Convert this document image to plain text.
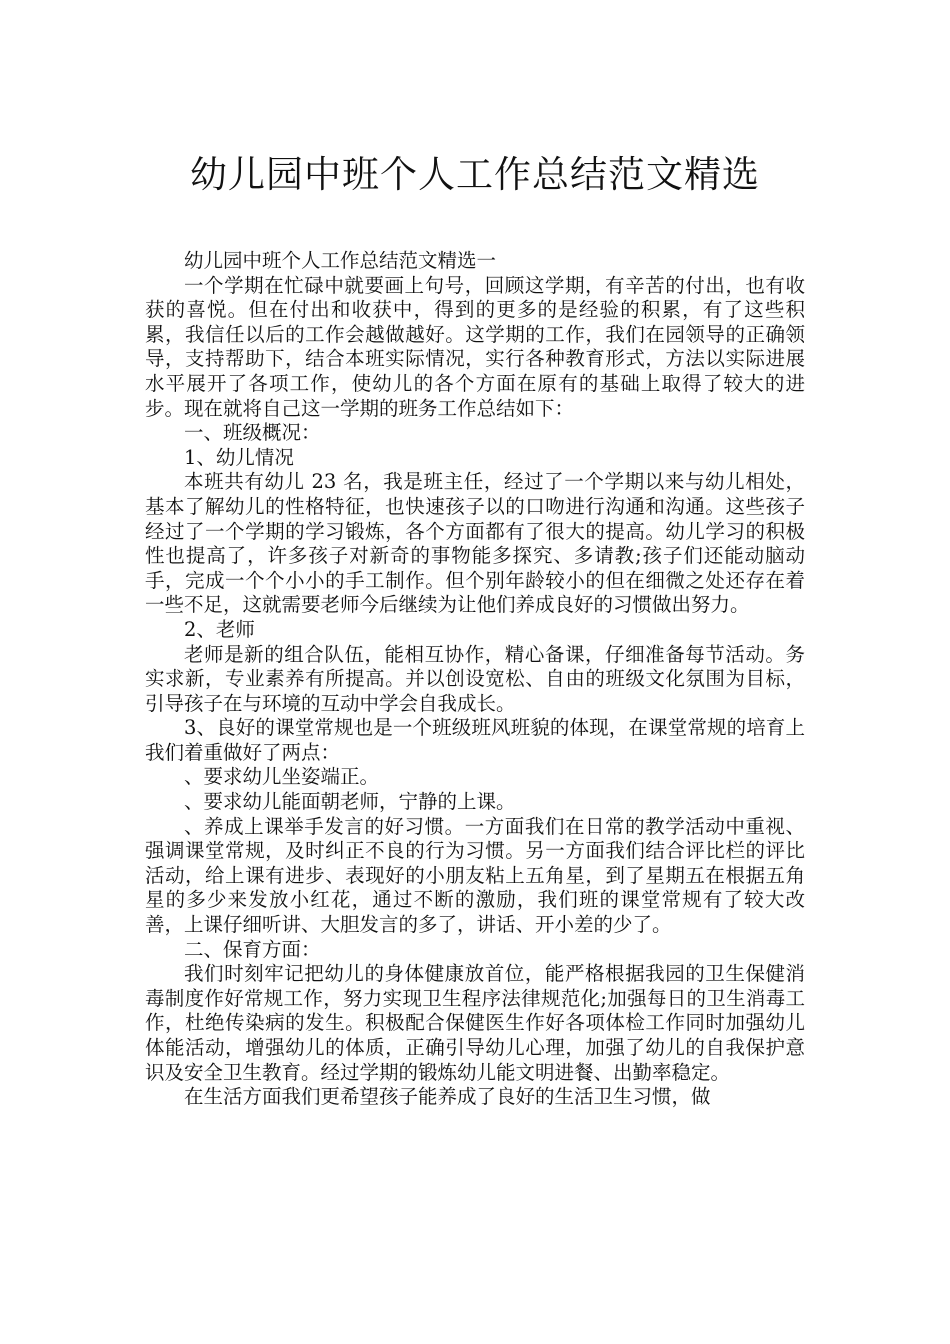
幼儿园中班个人工作总结范文精选

幼儿园中班个人工作总结范文精选一

一个学期在忙碌中就要画上句号，回顾这学期，有辛苦的付出，也有收获的喜悦。但在付出和收获中，得到的更多的是经验的积累，有了这些积累，我信任以后的工作会越做越好。这学期的工作，我们在园领导的正确领导，支持帮助下，结合本班实际情况，实行各种教育形式，方法以实际进展水平展开了各项工作，使幼儿的各个方面在原有的基础上取得了较大的进步。现在就将自己这一学期的班务工作总结如下：

一、班级概况：

1、幼儿情况

本班共有幼儿 23 名，我是班主任，经过了一个学期以来与幼儿相处，基本了解幼儿的性格特征，也快速孩子以的口吻进行沟通和沟通。这些孩子经过了一个学期的学习锻炼，各个方面都有了很大的提高。幼儿学习的积极性也提高了，许多孩子对新奇的事物能多探究、多请教;孩子们还能动脑动手，完成一个个小小的手工制作。但个别年龄较小的但在细微之处还存在着一些不足，这就需要老师今后继续为让他们养成良好的习惯做出努力。

2、老师

老师是新的组合队伍，能相互协作，精心备课，仔细准备每节活动。务实求新，专业素养有所提高。并以创设宽松、自由的班级文化氛围为目标，引导孩子在与环境的互动中学会自我成长。

3、良好的课堂常规也是一个班级班风班貌的体现，在课堂常规的培育上我们着重做好了两点：

、要求幼儿坐姿端正。

、要求幼儿能面朝老师，宁静的上课。

、养成上课举手发言的好习惯。一方面我们在日常的教学活动中重视、强调课堂常规，及时纠正不良的行为习惯。另一方面我们结合评比栏的评比活动，给上课有进步、表现好的小朋友粘上五角星，到了星期五在根据五角星的多少来发放小红花，通过不断的激励，我们班的课堂常规有了较大改善，上课仔细听讲、大胆发言的多了，讲话、开小差的少了。

二、保育方面：

我们时刻牢记把幼儿的身体健康放首位，能严格根据我园的卫生保健消毒制度作好常规工作，努力实现卫生程序法律规范化;加强每日的卫生消毒工作，杜绝传染病的发生。积极配合保健医生作好各项体检工作同时加强幼儿体能活动，增强幼儿的体质，正确引导幼儿心理，加强了幼儿的自我保护意识及安全卫生教育。经过学期的锻炼幼儿能文明进餐、出勤率稳定。

在生活方面我们更希望孩子能养成了良好的生活卫生习惯，做
